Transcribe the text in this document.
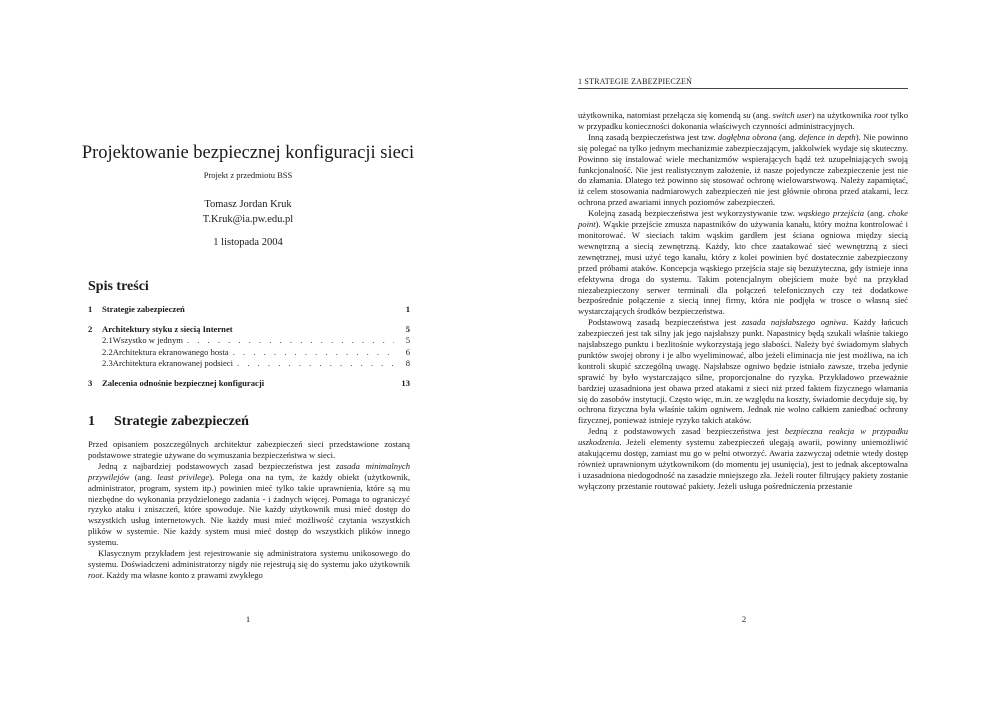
Projektowanie bezpiecznej konfiguracji sieci
Projekt z przedmiotu BSS
Tomasz Jordan Kruk
T.Kruk@ia.pw.edu.pl
1 listopada 2004
Spis treści
1	Strategie zabezpieczeń	1
2	Architektury styku z siecią Internet	5
2.1 Wszystko w jednym . . .	5
2.2 Architektura ekranowanego hosta . . .	6
2.3 Architektura ekranowanej podsieci . . .	8
3	Zalecenia odnośnie bezpiecznej konfiguracji	13
1 Strategie zabezpieczeń

Przed opisaniem poszczególnych architektur zabezpieczeń sieci przedstawione zostaną podstawowe strategie używane do wymuszania bezpieczeństwa w sieci.

Jedną z najbardziej podstawowych zasad bezpieczeństwa jest zasada minimalnych przywilejów (ang. least privilege). Polega ona na tym, że każdy obiekt (użytkownik, administrator, program, system itp.) powinien mieć tylko takie uprawnienia, które są mu niezbędne do wykonania przydzielonego zadania - i żadnych więcej. Pomaga to ograniczyć ryzyko ataku i zniszczeń, które spowoduje. Nie każdy użytkownik musi mieć dostęp do wszystkich usług internetowych. Nie każdy musi mieć możliwość czytania wszystkich plików w systemie. Nie każdy system musi mieć dostęp do wszystkich plików innego systemu.

Klasycznym przykładem jest rejestrowanie się administratora systemu unikosowego do systemu. Doświadczeni administratorzy nigdy nie rejestrują się do systemu jako użytkownik root. Każdy ma własne konto z prawami zwykłego

1
1 STRATEGIE ZABEZPIECZEŃ

użytkownika, natomiast przełącza się komendą su (ang. switch user) na użytkownika root tylko w przypadku konieczności dokonania właściwych czynności administracyjnych.

Inną zasadą bezpieczeństwa jest tzw. dogłębna obrona (ang. defence in depth). Nie powinno się polegać na tylko jednym mechanizmie zabezpieczającym, jakkolwiek wydaje się skuteczny. Powinno się instalować wiele mechanizmów wspierających bądź też uzupełniających swoją funkcjonalność. Nie jest realistycznym założenie, iż nasze pojedyncze zabezpieczenie jest nie do złamania. Dlatego też powinno się stosować ochronę wielowarstwową. Należy zapamiętać, iż celem stosowania nadmiarowych zabezpieczeń nie jest głównie obrona przed atakami, lecz ochrona przed awariami innych poziomów zabezpieczeń.

Kolejną zasadą bezpieczeństwa jest wykorzystywanie tzw. wąskiego przejścia (ang. choke point). Wąskie przejście zmusza napastników do używania kanału, który można kontrolować i monitorować. W sieciach takim wąskim gardłem jest ściana ogniowa między siecią wewnętrzną a siecią zewnętrzną. Każdy, kto chce zaatakować sieć wewnętrzną z sieci zewnętrznej, musi użyć tego kanału, który z kolei powinien być dostatecznie zabezpieczony przed próbami ataków. Koncepcja wąskiego przejścia staje się bezużyteczna, gdy istnieje inna efektywna droga do systemu. Takim potencjalnym obejściem może być na przykład niezabezpieczony serwer terminali dla połączeń telefonicznych czy też dodatkowe bezpośrednie połączenie z siecią innej firmy, która nie podjęła w trosce o własną sieć wystarczających środków bezpieczeństwa.

Podstawową zasadą bezpieczeństwa jest zasada najsłabszego ogniwa. Każdy łańcuch zabezpieczeń jest tak silny jak jego najsłabszy punkt. Napastnicy będą szukali właśnie takiego najsłabszego punktu i bezlitośnie wykorzystają jego słabości. Należy być świadomym słabych punktów swojej obrony i je albo wyeliminować, albo jeżeli eliminacja nie jest możliwa, na ich kontroli skupić szczególną uwagę. Najsłabsze ogniwo będzie istniało zawsze, trzeba jedynie sprawić by było wystarczająco silne, proporcjonalne do ryzyka. Przykładowo przeważnie bardziej uzasadniona jest obawa przed atakami z sieci niż przed faktem fizycznego włamania się do zasobów instytucji. Często więc, m.in. ze względu na koszty, świadomie decyduje się, by ochrona fizyczna była właśnie takim ogniwem. Jednak nie wolno całkiem zaniedbać ochrony fizycznej, ponieważ istnieje ryzyko takich ataków.

Jedną z podstawowych zasad bezpieczeństwa jest bezpieczna reakcja w przypadku uszkodzenia. Jeżeli elementy systemu zabezpieczeń ulegają awarii, powinny uniemożliwić atakującemu dostęp, zamiast mu go w pełni otworzyć. Awaria zazwyczaj odetnie wtedy dostęp również uprawnionym użytkownikom (do momentu jej usunięcia), jest to jednak akceptowalna i uzasadniona niedogodność na zasadzie mniejszego zła. Jeżeli router filtrujący pakiety zostanie wyłączony przestanie routować pakiety. Jeżeli usługa pośredniczenia przestanie

2
